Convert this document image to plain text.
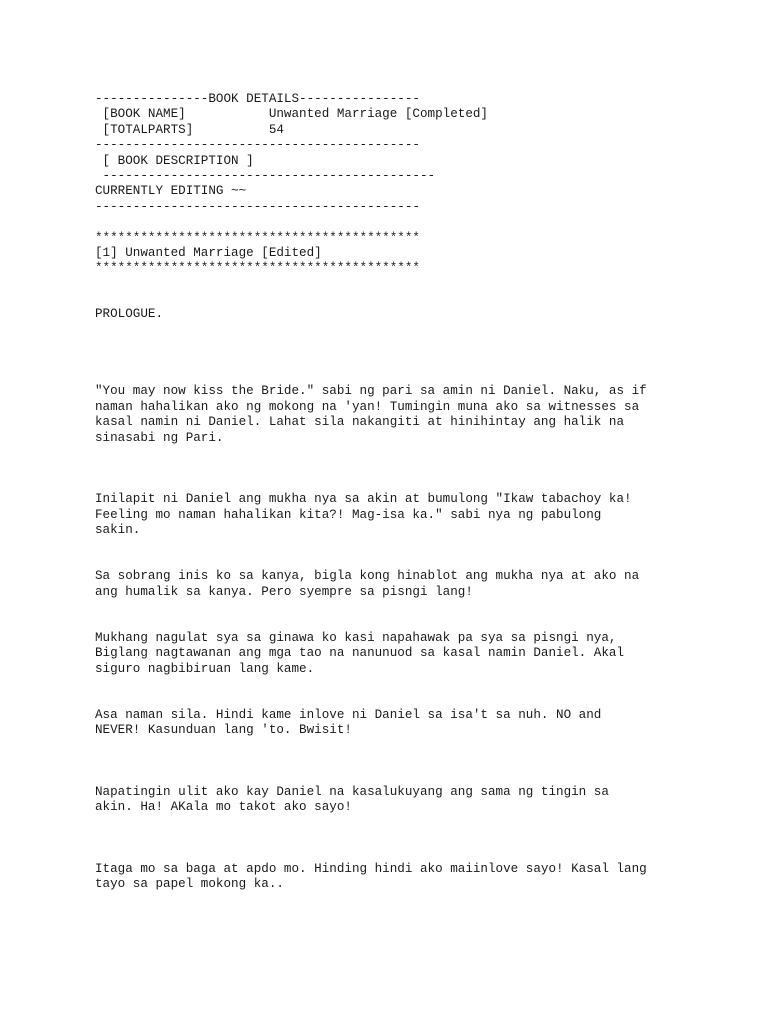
---------------BOOK DETAILS----------------
[BOOK NAME]           Unwanted Marriage [Completed]
[TOTALPARTS]          54
-------------------------------------------
[ BOOK DESCRIPTION ]
--------------------------------------------
CURRENTLY EDITING ~~
-------------------------------------------
*******************************************
[1] Unwanted Marriage [Edited]
*******************************************
PROLOGUE.
"You may now kiss the Bride." sabi ng pari sa amin ni Daniel. Naku, as if
naman hahalikan ako ng mokong na 'yan! Tumingin muna ako sa witnesses sa
kasal namin ni Daniel. Lahat sila nakangiti at hinihintay ang halik na
sinasabi ng Pari.
Inilapit ni Daniel ang mukha nya sa akin at bumulong "Ikaw tabachoy ka!
Feeling mo naman hahalikan kita?! Mag-isa ka." sabi nya ng pabulong
sakin.
Sa sobrang inis ko sa kanya, bigla kong hinablot ang mukha nya at ako na
ang humalik sa kanya. Pero syempre sa pisngi lang!
Mukhang nagulat sya sa ginawa ko kasi napahawak pa sya sa pisngi nya,
Biglang nagtawanan ang mga tao na nanunuod sa kasal namin Daniel. Akal
siguro nagbibiruan lang kame.
Asa naman sila. Hindi kame inlove ni Daniel sa isa't sa nuh. NO and
NEVER! Kasunduan lang 'to. Bwisit!
Napatingin ulit ako kay Daniel na kasalukuyang ang sama ng tingin sa
akin. Ha! AKala mo takot ako sayo!
Itaga mo sa baga at apdo mo. Hinding hindi ako maiinlove sayo! Kasal lang
tayo sa papel mokong ka..
